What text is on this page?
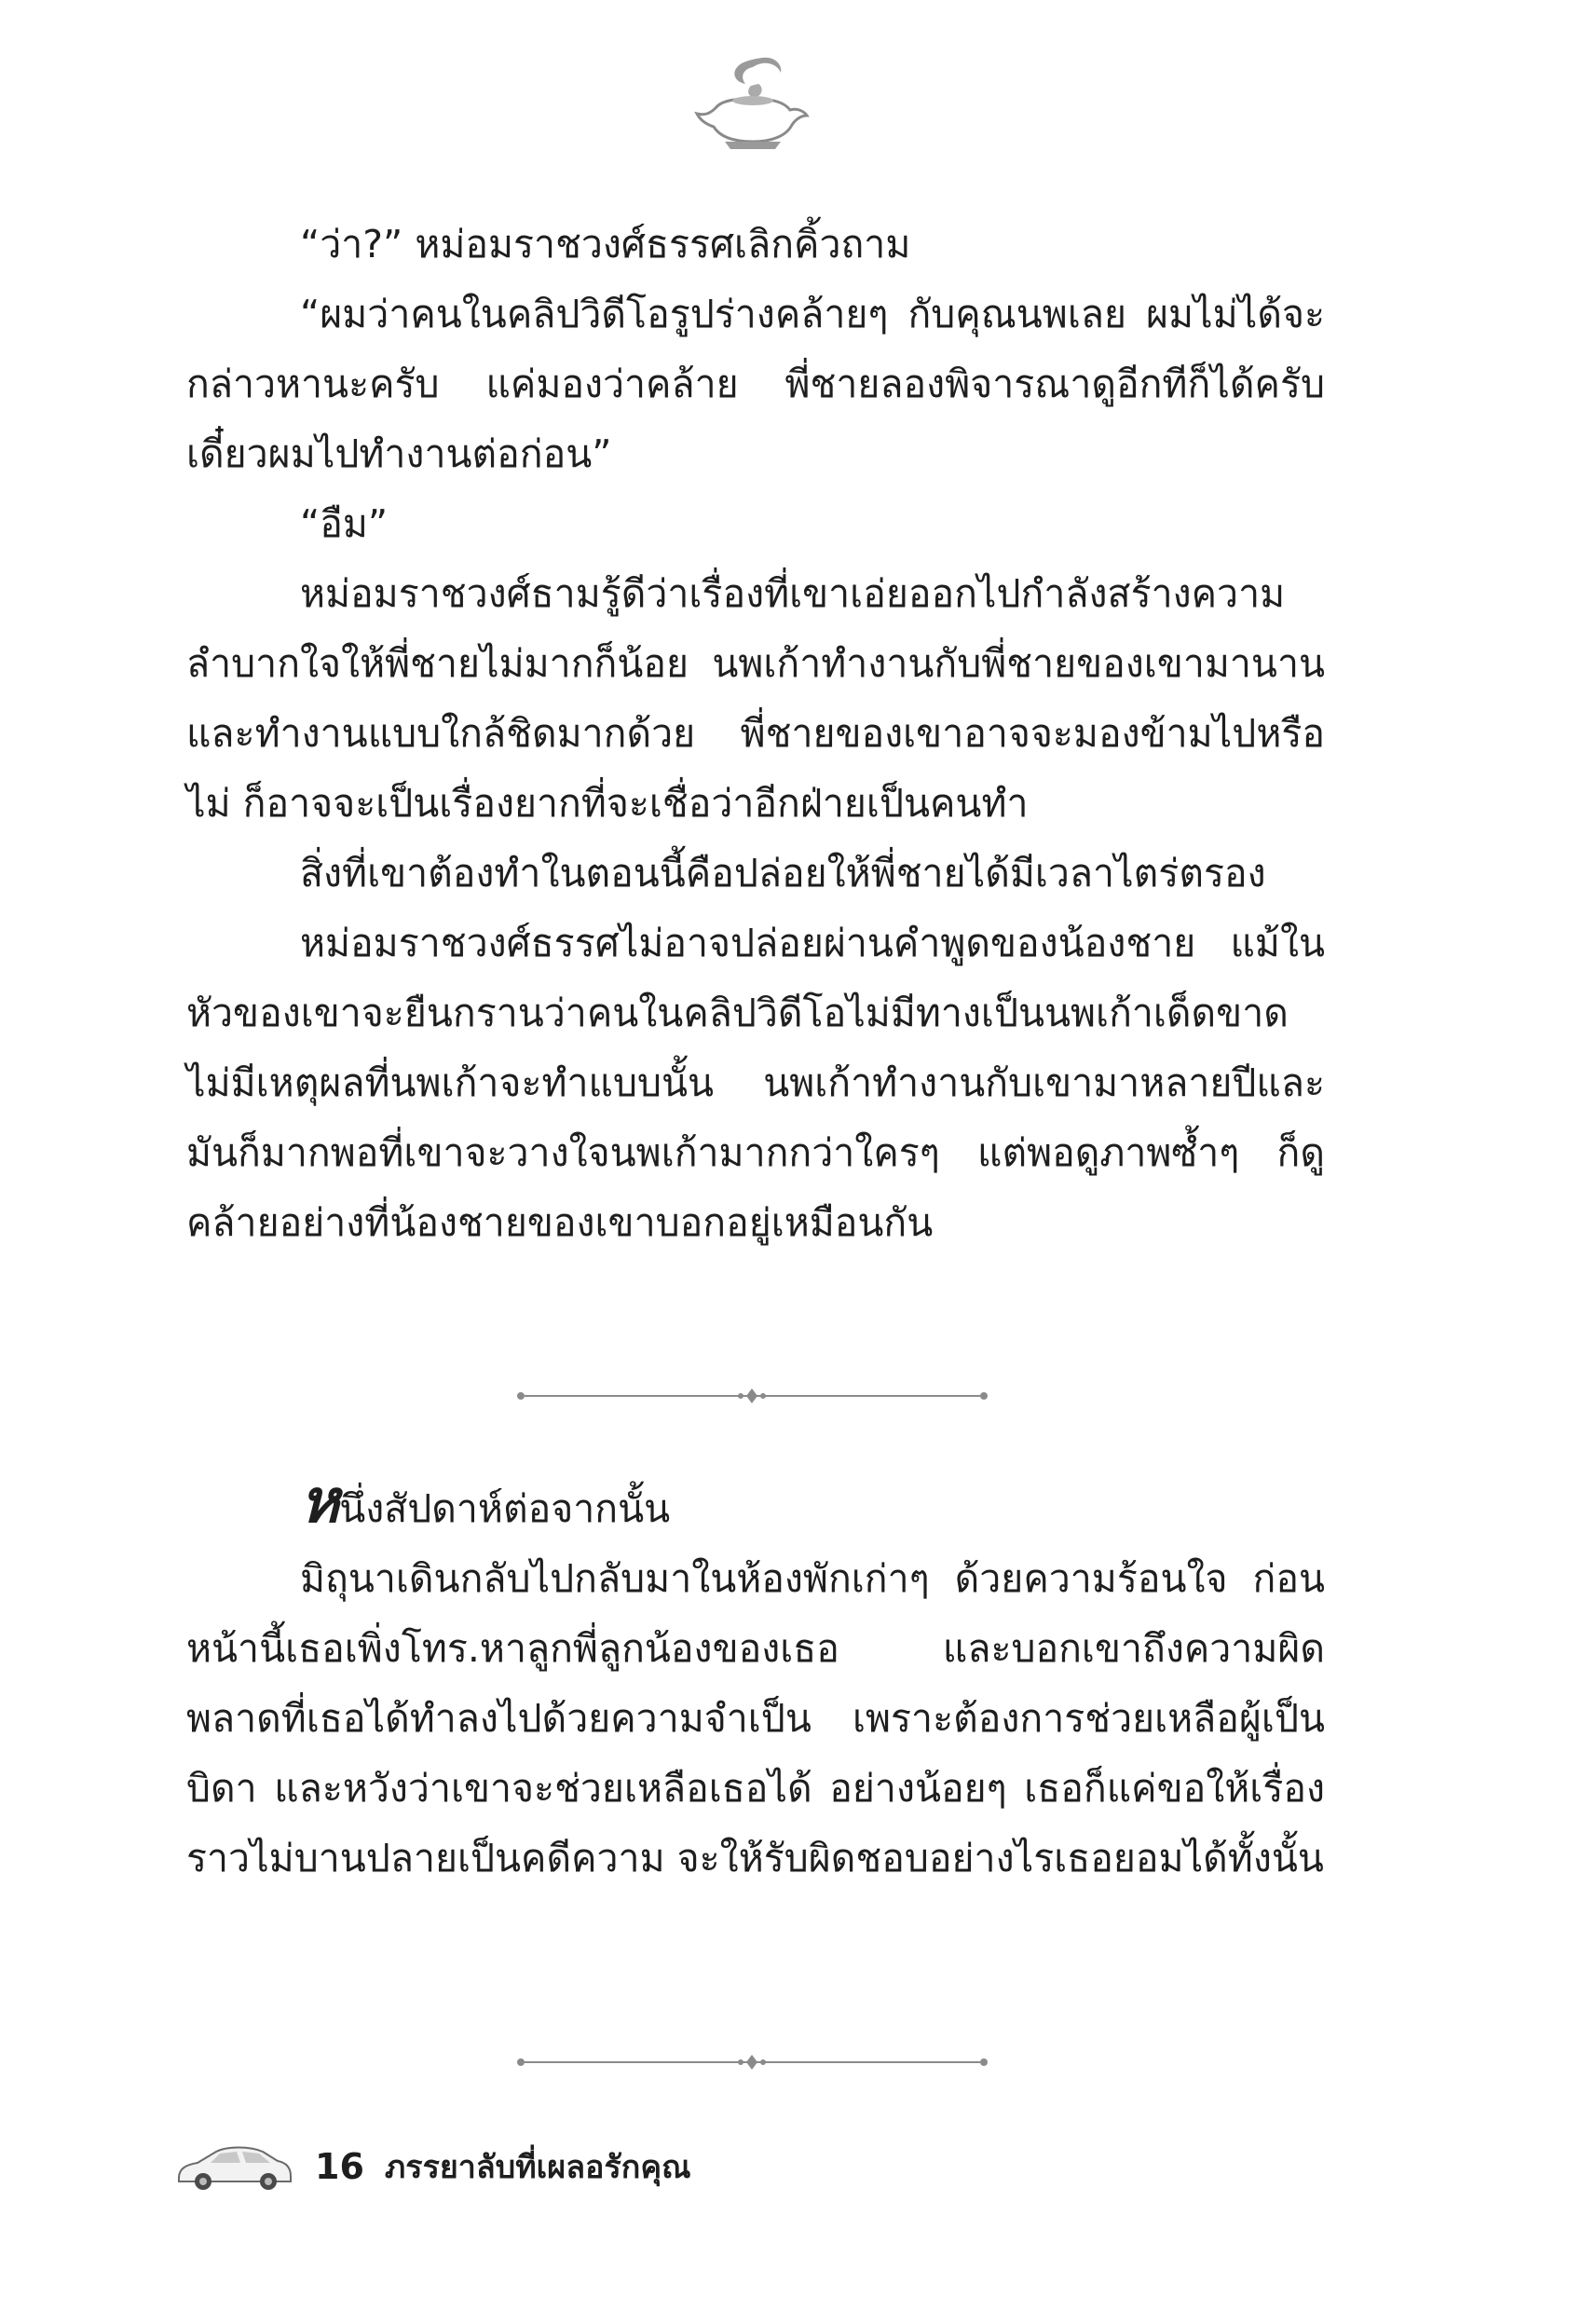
“ว่า?” หม่อมราชวงศ์ธรรศเลิกคิ้วถาม

“ผมว่าคนในคลิปวิดีโอรูปร่างคล้ายๆ กับคุณนพเลย ผมไม่ได้จะกล่าวหานะครับ แค่มองว่าคล้าย พี่ชายลองพิจารณาดูอีกทีก็ได้ครับ เดี๋ยวผมไปทำงานต่อก่อน”

“อืม”

หม่อมราชวงศ์ธามรู้ดีว่าเรื่องที่เขาเอ่ยออกไปกำลังสร้างความลำบากใจให้พี่ชายไม่มากก็น้อย นพเก้าทำงานกับพี่ชายของเขามานาน และทำงานแบบใกล้ชิดมากด้วย พี่ชายของเขาอาจจะมองข้ามไปหรือไม่ ก็อาจจะเป็นเรื่องยากที่จะเชื่อว่าอีกฝ่ายเป็นคนทำ

สิ่งที่เขาต้องทำในตอนนี้คือปล่อยให้พี่ชายได้มีเวลาไตร่ตรอง

หม่อมราชวงศ์ธรรศไม่อาจปล่อยผ่านคำพูดของน้องชาย แม้ในหัวของเขาจะยืนกรานว่าคนในคลิปวิดีโอไม่มีทางเป็นนพเก้าเด็ดขาด ไม่มีเหตุผลที่นพเก้าจะทำแบบนั้น นพเก้าทำงานกับเขามาหลายปีและมันก็มากพอที่เขาจะวางใจนพเก้ามากกว่าใครๆ แต่พอดูภาพซ้ำๆ ก็ดูคล้ายอย่างที่น้องชายของเขาบอกอยู่เหมือนกัน

หนึ่งสัปดาห์ต่อจากนั้น

มิถุนาเดินกลับไปกลับมาในห้องพักเก่าๆ ด้วยความร้อนใจ ก่อนหน้านี้เธอเพิ่งโทร.หาลูกพี่ลูกน้องของเธอ และบอกเขาถึงความผิดพลาดที่เธอได้ทำลงไปด้วยความจำเป็น เพราะต้องการช่วยเหลือผู้เป็นบิดา และหวังว่าเขาจะช่วยเหลือเธอได้ อย่างน้อยๆ เธอก็แค่ขอให้เรื่องราวไม่บานปลายเป็นคดีความ จะให้รับผิดชอบอย่างไรเธอยอมได้ทั้งนั้น

16 ภรรยาลับที่เผลอรักคุณ
